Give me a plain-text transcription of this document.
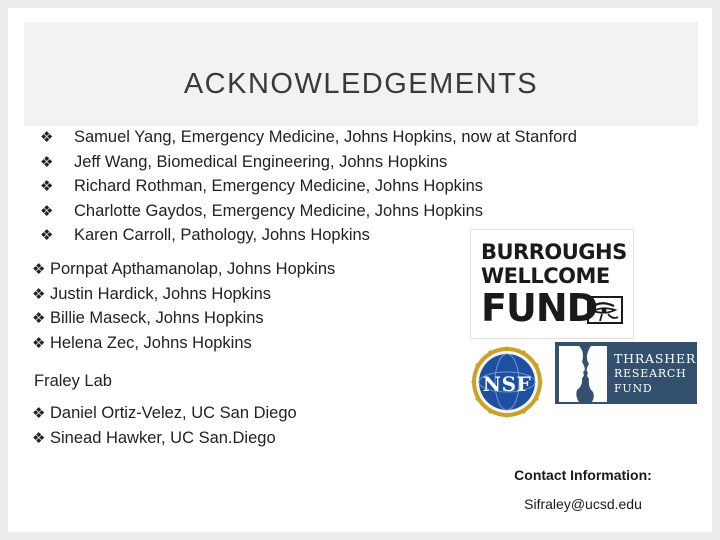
ACKNOWLEDGEMENTS
❖ Samuel Yang, Emergency Medicine, Johns Hopkins, now at Stanford
❖ Jeff Wang, Biomedical Engineering, Johns Hopkins
❖ Richard Rothman, Emergency Medicine, Johns Hopkins
❖ Charlotte Gaydos, Emergency Medicine, Johns Hopkins
❖ Karen Carroll, Pathology, Johns Hopkins
❖ Pornpat Apthamanolap, Johns Hopkins
❖ Justin Hardick, Johns Hopkins
❖ Billie Maseck, Johns Hopkins
❖ Helena Zec, Johns Hopkins
Fraley Lab
❖ Daniel Ortiz-Velez, UC San Diego
❖ Sinead Hawker, UC San.Diego
BURROUGHS
WELLCOME
FUND
NSF
THRASHER
RESEARCH
FUND
Contact Information:
Sifraley@ucsd.edu
